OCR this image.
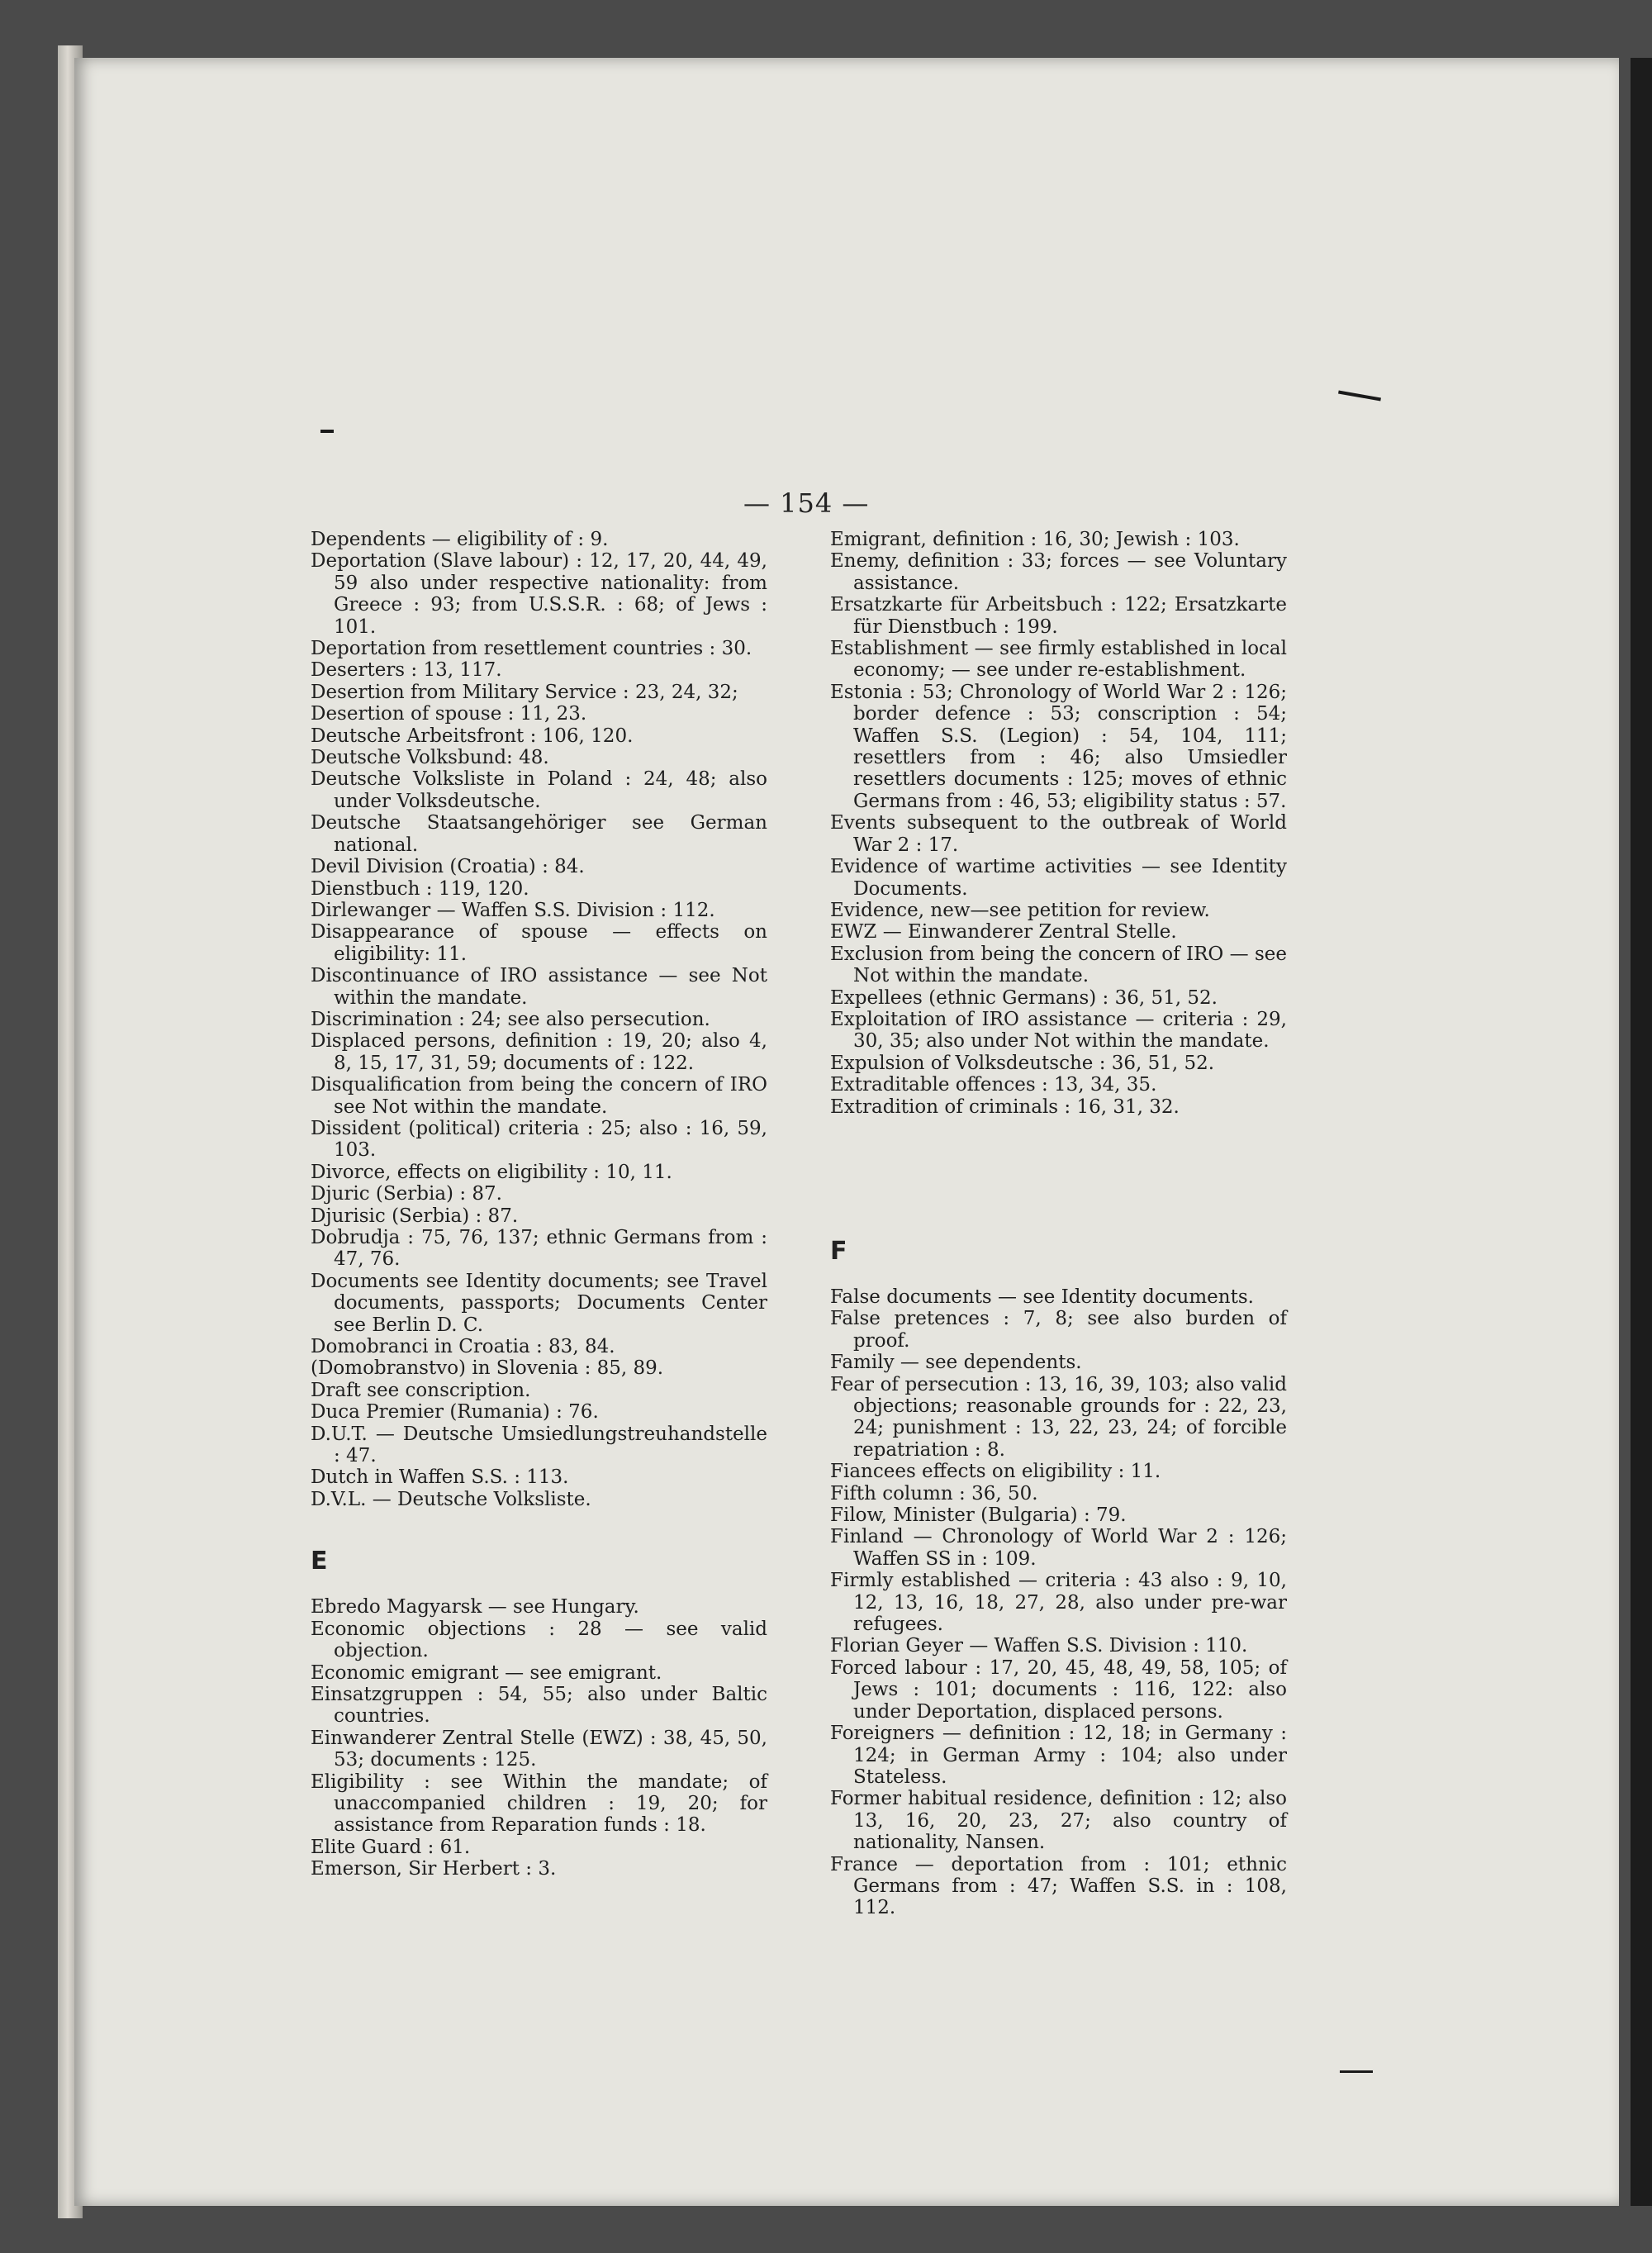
— 154 —

Dependents — eligibility of : 9.

Deportation (Slave labour) : 12, 17, 20, 44, 49, 59 also under respective nationality: from Greece : 93; from U.S.S.R. : 68; of Jews : 101.

Deportation from resettlement countries : 30.

Deserters : 13, 117.

Desertion from Military Service : 23, 24, 32;

Desertion of spouse : 11, 23.

Deutsche Arbeitsfront : 106, 120.

Deutsche Volksbund: 48.

Deutsche Volksliste in Poland : 24, 48; also under Volksdeutsche.

Deutsche Staatsangehöriger see German national.

Devil Division (Croatia) : 84.

Dienstbuch : 119, 120.

Dirlewanger — Waffen S.S. Division : 112.

Disappearance of spouse — effects on eligibility: 11.

Discontinuance of IRO assistance — see Not within the mandate.

Discrimination : 24; see also persecution.

Displaced persons, definition : 19, 20; also 4, 8, 15, 17, 31, 59; documents of : 122.

Disqualification from being the concern of IRO see Not within the mandate.

Dissident (political) criteria : 25; also : 16, 59, 103.

Divorce, effects on eligibility : 10, 11.

Djuric (Serbia) : 87.

Djurisic (Serbia) : 87.

Dobrudja : 75, 76, 137; ethnic Germans from : 47, 76.

Documents see Identity documents; see Travel documents, passports; Documents Center see Berlin D. C.

Domobranci in Croatia : 83, 84.

(Domobranstvo) in Slovenia : 85, 89.

Draft see conscription.

Duca Premier (Rumania) : 76.

D.U.T. — Deutsche Umsiedlungstreuhandstelle : 47.

Dutch in Waffen S.S. : 113.

D.V.L. — Deutsche Volksliste.

E

Ebredo Magyarsk — see Hungary.

Economic objections : 28 — see valid objection.

Economic emigrant — see emigrant.

Einsatzgruppen : 54, 55; also under Baltic countries.

Einwanderer Zentral Stelle (EWZ) : 38, 45, 50, 53; documents : 125.

Eligibility : see Within the mandate; of unaccompanied children : 19, 20; for assistance from Reparation funds : 18.

Elite Guard : 61.

Emerson, Sir Herbert : 3.

Emigrant, definition : 16, 30; Jewish : 103.

Enemy, definition : 33; forces — see Voluntary assistance.

Ersatzkarte für Arbeitsbuch : 122; Ersatzkarte für Dienstbuch : 199.

Establishment — see firmly established in local economy; — see under re-establishment.

Estonia : 53; Chronology of World War 2 : 126; border defence : 53; conscription : 54; Waffen S.S. (Legion) : 54, 104, 111; resettlers from : 46; also Umsiedler resettlers documents : 125; moves of ethnic Germans from : 46, 53; eligibility status : 57.

Events subsequent to the outbreak of World War 2 : 17.

Evidence of wartime activities — see Identity Documents.

Evidence, new—see petition for review.

EWZ — Einwanderer Zentral Stelle.

Exclusion from being the concern of IRO — see Not within the mandate.

Expellees (ethnic Germans) : 36, 51, 52.

Exploitation of IRO assistance — criteria : 29, 30, 35; also under Not within the mandate.

Expulsion of Volksdeutsche : 36, 51, 52.

Extraditable offences : 13, 34, 35.

Extradition of criminals : 16, 31, 32.

F

False documents — see Identity documents.

False pretences : 7, 8; see also burden of proof.

Family — see dependents.

Fear of persecution : 13, 16, 39, 103; also valid objections; reasonable grounds for : 22, 23, 24; punishment : 13, 22, 23, 24; of forcible repatriation : 8.

Fiancees effects on eligibility : 11.

Fifth column : 36, 50.

Filow, Minister (Bulgaria) : 79.

Finland — Chronology of World War 2 : 126; Waffen SS in : 109.

Firmly established — criteria : 43 also : 9, 10, 12, 13, 16, 18, 27, 28, also under pre-war refugees.

Florian Geyer — Waffen S.S. Division : 110.

Forced labour : 17, 20, 45, 48, 49, 58, 105; of Jews : 101; documents : 116, 122: also under Deportation, displaced persons.

Foreigners — definition : 12, 18; in Germany : 124; in German Army : 104; also under Stateless.

Former habitual residence, definition : 12; also 13, 16, 20, 23, 27; also country of nationality, Nansen.

France — deportation from : 101; ethnic Germans from : 47; Waffen S.S. in : 108, 112.
